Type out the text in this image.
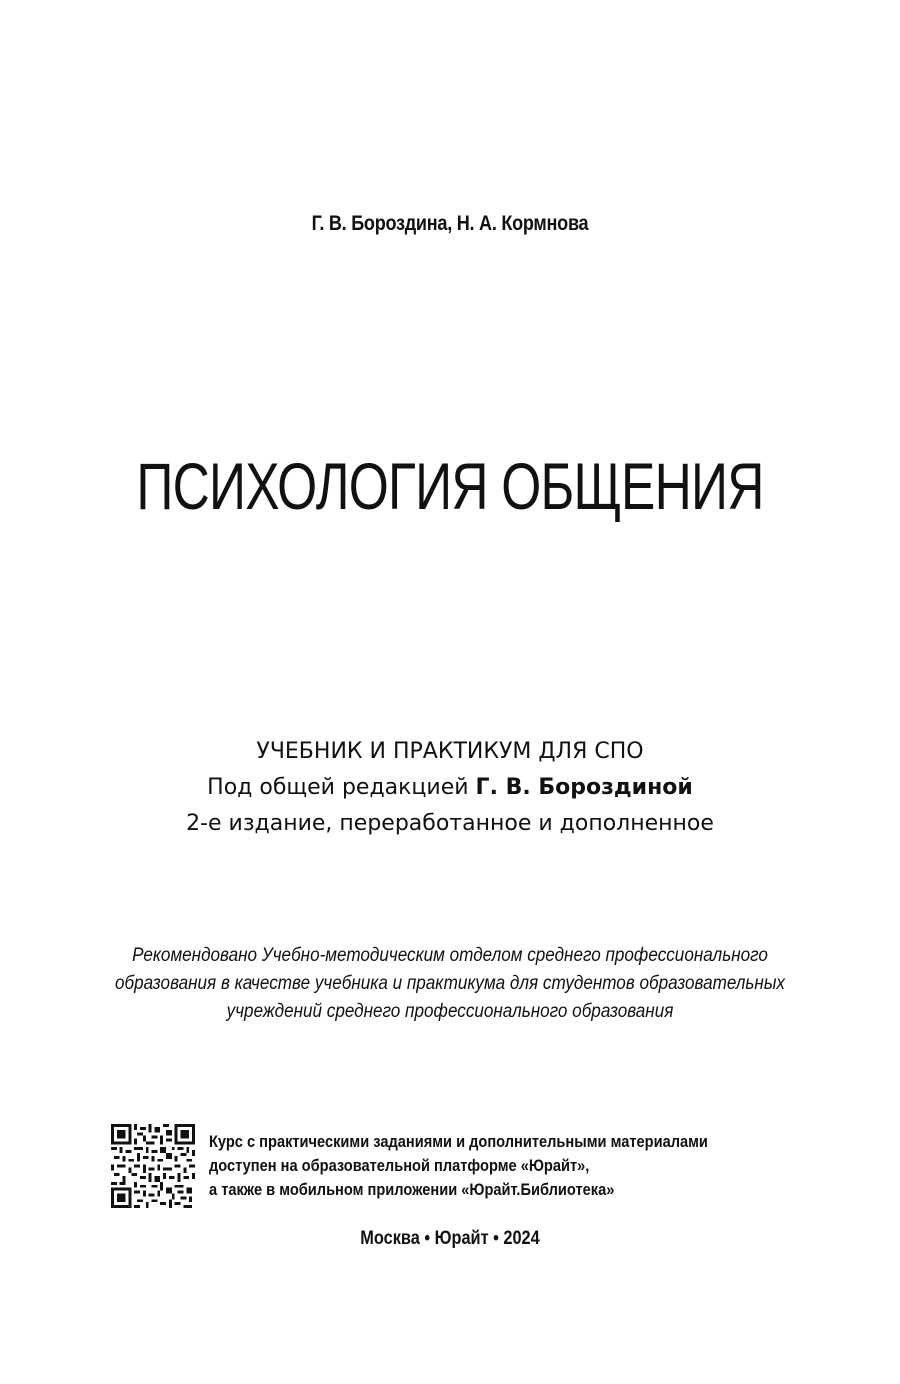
Г. В. Бороздина, Н. А. Кормнова
ПСИХОЛОГИЯ ОБЩЕНИЯ
УЧЕБНИК И ПРАКТИКУМ ДЛЯ СПО
Под общей редакцией Г. В. Бороздиной
2-е издание, переработанное и дополненное
Рекомендовано Учебно-методическим отделом среднего профессионального
образования в качестве учебника и практикума для студентов образовательных
учреждений среднего профессионального образования
Курс с практическими заданиями и дополнительными материалами
доступен на образовательной платформе «Юрайт»,
а также в мобильном приложении «Юрайт.Библиотека»
Москва • Юрайт • 2024
